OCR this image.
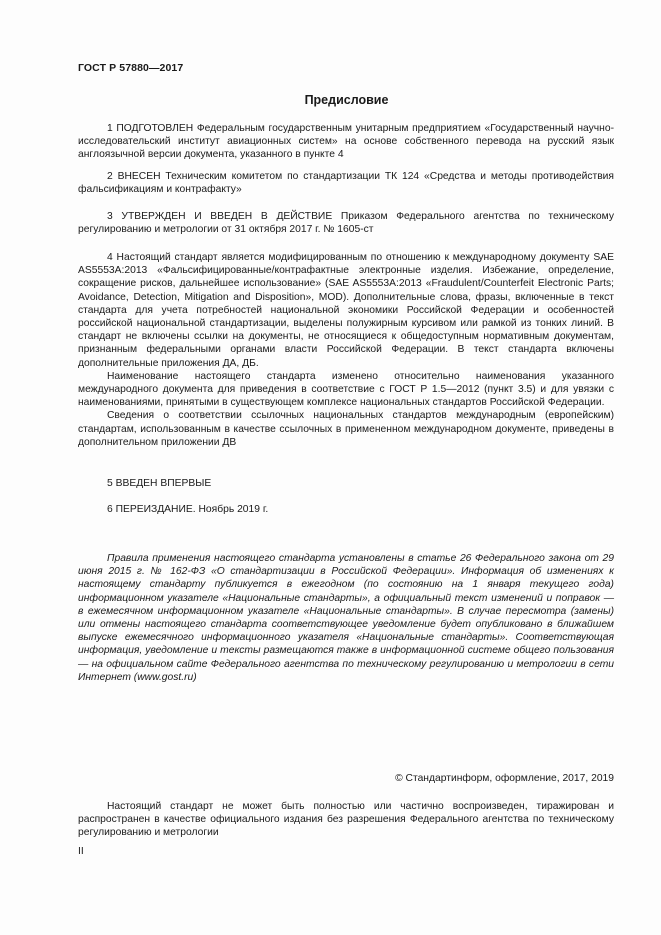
ГОСТ Р 57880—2017
Предисловие

1 ПОДГОТОВЛЕН Федеральным государственным унитарным предприятием «Государственный научно-исследовательский институт авиационных систем» на основе собственного перевода на русский язык англоязычной версии документа, указанного в пункте 4

2 ВНЕСЕН Техническим комитетом по стандартизации ТК 124 «Средства и методы противодействия фальсификациям и контрафакту»

3 УТВЕРЖДЕН И ВВЕДЕН В ДЕЙСТВИЕ Приказом Федерального агентства по техническому регулированию и метрологии от 31 октября 2017 г. № 1605-ст

4 Настоящий стандарт является модифицированным по отношению к международному документу SAE AS5553A:2013 «Фальсифицированные/контрафактные электронные изделия. Избежание, определение, сокращение рисков, дальнейшее использование» (SAE AS5553A:2013 «Fraudulent/Counterfeit Electronic Parts; Avoidance, Detection, Mitigation and Disposition», MOD). Дополнительные слова, фразы, включенные в текст стандарта для учета потребностей национальной экономики Российской Федерации и особенностей российской национальной стандартизации, выделены полужирным курсивом или рамкой из тонких линий. В стандарт не включены ссылки на документы, не относящиеся к общедоступным нормативным документам, признанным федеральными органами власти Российской Федерации. В текст стандарта включены дополнительные приложения ДА, ДБ.

Наименование настоящего стандарта изменено относительно наименования указанного международного документа для приведения в соответствие с ГОСТ Р 1.5—2012 (пункт 3.5) и для увязки с наименованиями, принятыми в существующем комплексе национальных стандартов Российской Федерации.

Сведения о соответствии ссылочных национальных стандартов международным (европейским) стандартам, использованным в качестве ссылочных в примененном международном документе, приведены в дополнительном приложении ДВ

5 ВВЕДЕН ВПЕРВЫЕ

6 ПЕРЕИЗДАНИЕ. Ноябрь 2019 г.

Правила применения настоящего стандарта установлены в статье 26 Федерального закона от 29 июня 2015 г. № 162-ФЗ «О стандартизации в Российской Федерации». Информация об изменениях к настоящему стандарту публикуется в ежегодном (по состоянию на 1 января текущего года) информационном указателе «Национальные стандарты», а официальный текст изменений и поправок — в ежемесячном информационном указателе «Национальные стандарты». В случае пересмотра (замены) или отмены настоящего стандарта соответствующее уведомление будет опубликовано в ближайшем выпуске ежемесячного информационного указателя «Национальные стандарты». Соответствующая информация, уведомление и тексты размещаются также в информационной системе общего пользования — на официальном сайте Федерального агентства по техническому регулированию и метрологии в сети Интернет (www.gost.ru)

© Стандартинформ, оформление, 2017, 2019

Настоящий стандарт не может быть полностью или частично воспроизведен, тиражирован и распространен в качестве официального издания без разрешения Федерального агентства по техническому регулированию и метрологии

II
